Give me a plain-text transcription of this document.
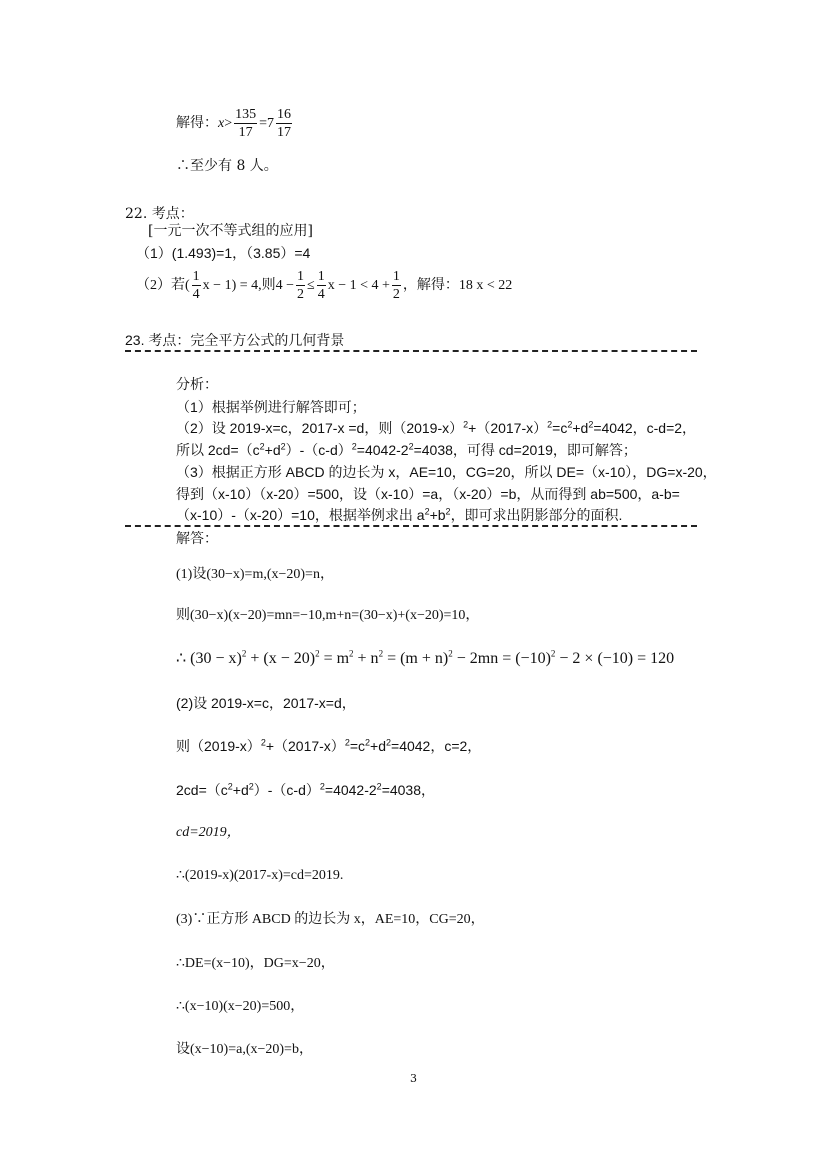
解得：$x> \frac{135}{17} =7 \frac{16}{17}$
∴至少有 8 人。
22. 考点：
[一元一次不等式组的应用]
（1）(1.493)=1，（3.85）=4
（2）若( $\frac{1}{4}$ x − 1) = 4,则$4 - \frac{1}{2} \le \frac{1}{4}$ $x - 1 < 4 + \frac{1}{2}$ ，解得：18 x < 22
23. 考点：完全平方公式的几何背景
分析：
（1）根据举例进行解答即可；
（2）设 2019-x=c，2017-x =d，则$(2019-x)^2+(2017-x)^2=c^2+d^2=4042$，c-d=2，
所以 $2cd=(c^2+d^2)-(c-d)^2=4042-2^2=4038$，可得 cd=2019，即可解答；
（3）根据正方形 ABCD 的边长为 x，AE=10，CG=20，所以 DE=（x-10），DG=x-20，
得到（x-10）（x-20）=500，设（x-10）=a，（x-20）=b，从而得到 ab=500，a-b=
（x-10）-（x-20）=10，根据举例求出 $a^2+b^2$，即可求出阴影部分的面积.
解答：
(1)设(30−x)=m,(x−20)=n，
则(30−x)(x−20)=mn=−10,m+n=(30−x)+(x−20)=10，
∴ $(30 - x)^2 + (x - 20)^2 = m^2 + n^2 = (m + n)^2 - 2mn = (-10)^2 - 2 \times (-10) = 120$
(2)设 2019-x=c，2017-x=d，
则$(2019-x)^2+(2017-x)^2=c^2+d^2=4042$，c=2，
$2cd=(c^2+d^2)-(c-d)^2=4042-2^2=4038$，
cd=2019，
∴(2019-x)(2017-x)=cd=2019.
(3)∵正方形 ABCD 的边长为 x，AE=10，CG=20，
∴DE=(x−10)，DG=x−20，
∴(x−10)(x−20)=500，
设(x−10)=a,(x−20)=b，
3
